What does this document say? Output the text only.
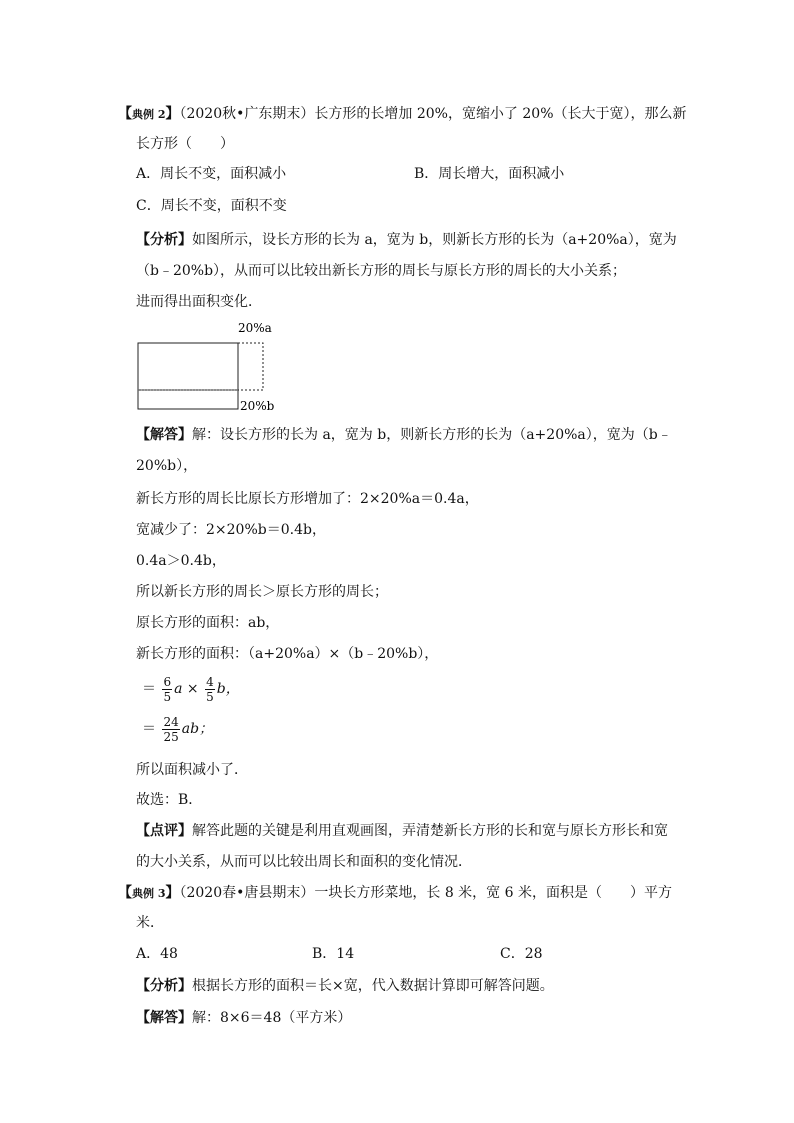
【典例 2】（2020秋•广东期末）长方形的长增加 20%，宽缩小了 20%（长大于宽），那么新
长方形（　　）
A．周长不变，面积减小	B．周长增大，面积减小
C．周长不变，面积不变
【分析】如图所示，设长方形的长为 a，宽为 b，则新长方形的长为（a+20%a），宽为
（b﹣20%b），从而可以比较出新长方形的周长与原长方形的周长的大小关系；
进而得出面积变化．
20%a
20%b
【解答】解：设长方形的长为 a，宽为 b，则新长方形的长为（a+20%a），宽为（b﹣
20%b），
新长方形的周长比原长方形增加了：2×20%a＝0.4a，
宽减少了：2×20%b＝0.4b，
0.4a＞0.4b，
所以新长方形的周长＞原长方形的周长；
原长方形的面积：ab，
新长方形的面积：（a+20%a）×（b﹣20%b），
＝ $\frac{6}{5}$ $a \times \frac{4}{5}$ b，
＝ $\frac{24}{25}$ ab；
所以面积减小了．
故选：B．
【点评】解答此题的关键是利用直观画图，弄清楚新长方形的长和宽与原长方形长和宽
的大小关系，从而可以比较出周长和面积的变化情况．
【典例 3】（2020春•唐县期末）一块长方形菜地，长 8 米，宽 6 米，面积是（　　）平方
米．
A．48	B．14	C．28
【分析】根据长方形的面积＝长×宽，代入数据计算即可解答问题。
【解答】解：8×6＝48（平方米）
